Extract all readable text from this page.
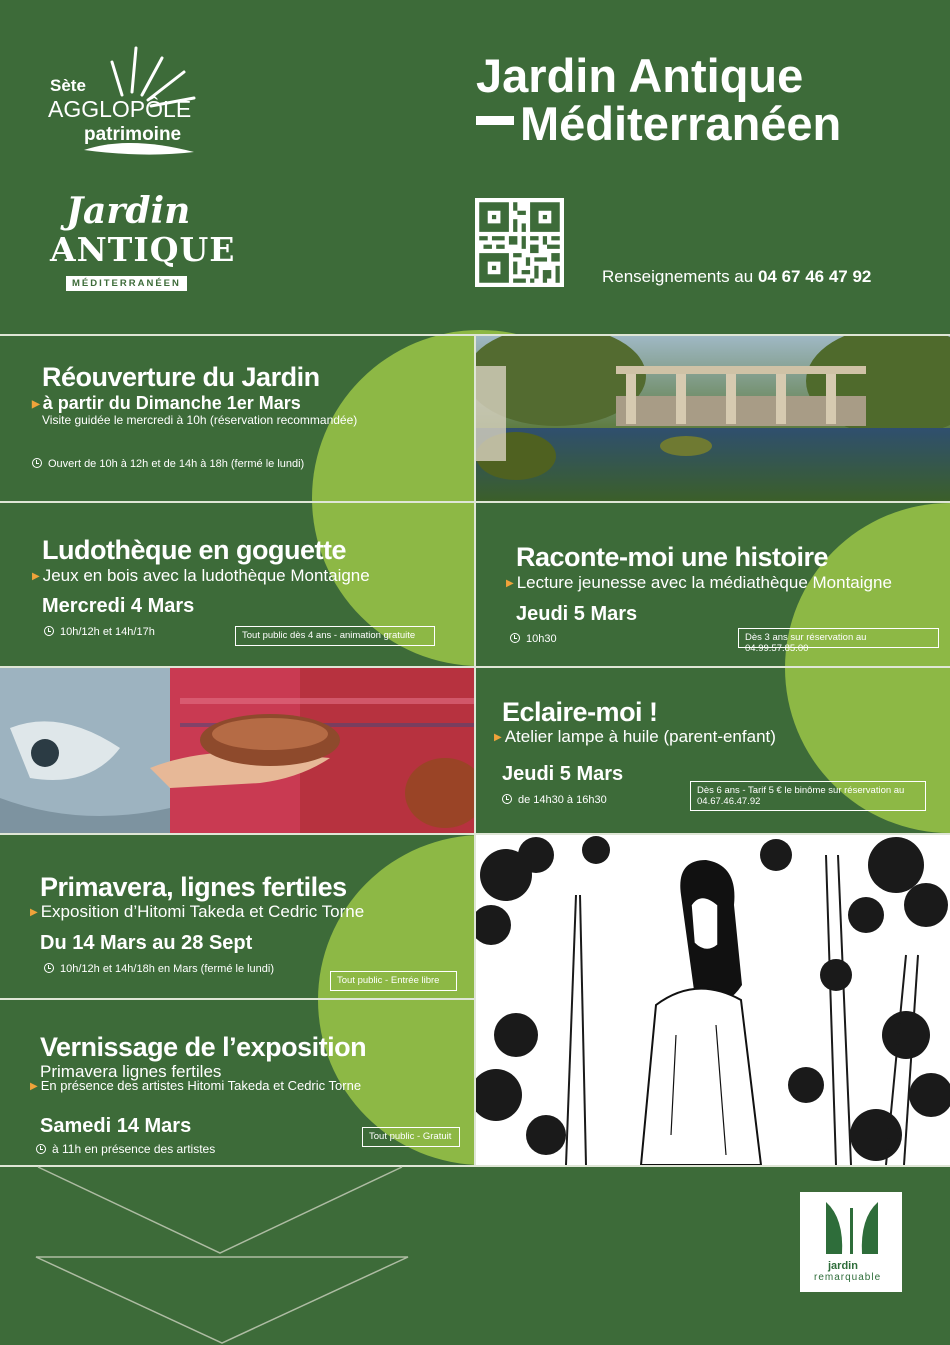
Sète
AGGLOPÔLE
patrimoine
Jardin
ANTIQUE
MÉDITERRANÉEN
Jardin Antique
Méditerranéen
Renseignements au 04 67 46 47 92
Réouverture du Jardin
▶ à partir du Dimanche 1er Mars
Visite guidée le mercredi à 10h (réservation recommandée)
Ouvert de 10h à 12h et de 14h à 18h (fermé le lundi)
Ludothèque en goguette
▶ Jeux en bois avec la ludothèque Montaigne
Mercredi 4 Mars
10h/12h et 14h/17h	Tout public dès 4 ans - animation gratuite
Raconte-moi une histoire
▶ Lecture jeunesse avec la médiathèque Montaigne
Jeudi 5 Mars
10h30	Dès 3 ans sur réservation au 04.99.57.85.00
Eclaire-moi !
▶ Atelier lampe à huile (parent-enfant)
Jeudi 5 Mars
de 14h30 à 16h30
Dès 6 ans - Tarif 5 € le binôme sur réservation au 04.67.46.47.92
Primavera, lignes fertiles
▶ Exposition d’Hitomi Takeda et Cedric Torne
Du 14 Mars au 28 Sept
10h/12h et 14h/18h en Mars (fermé le lundi)
Tout public - Entrée libre
Vernissage de l’exposition
Primavera lignes fertiles
▶ En présence des artistes Hitomi Takeda et Cedric Torne
Samedi 14 Mars
à 11h en présence des artistes
Tout public - Gratuit
jardin
remarquable
